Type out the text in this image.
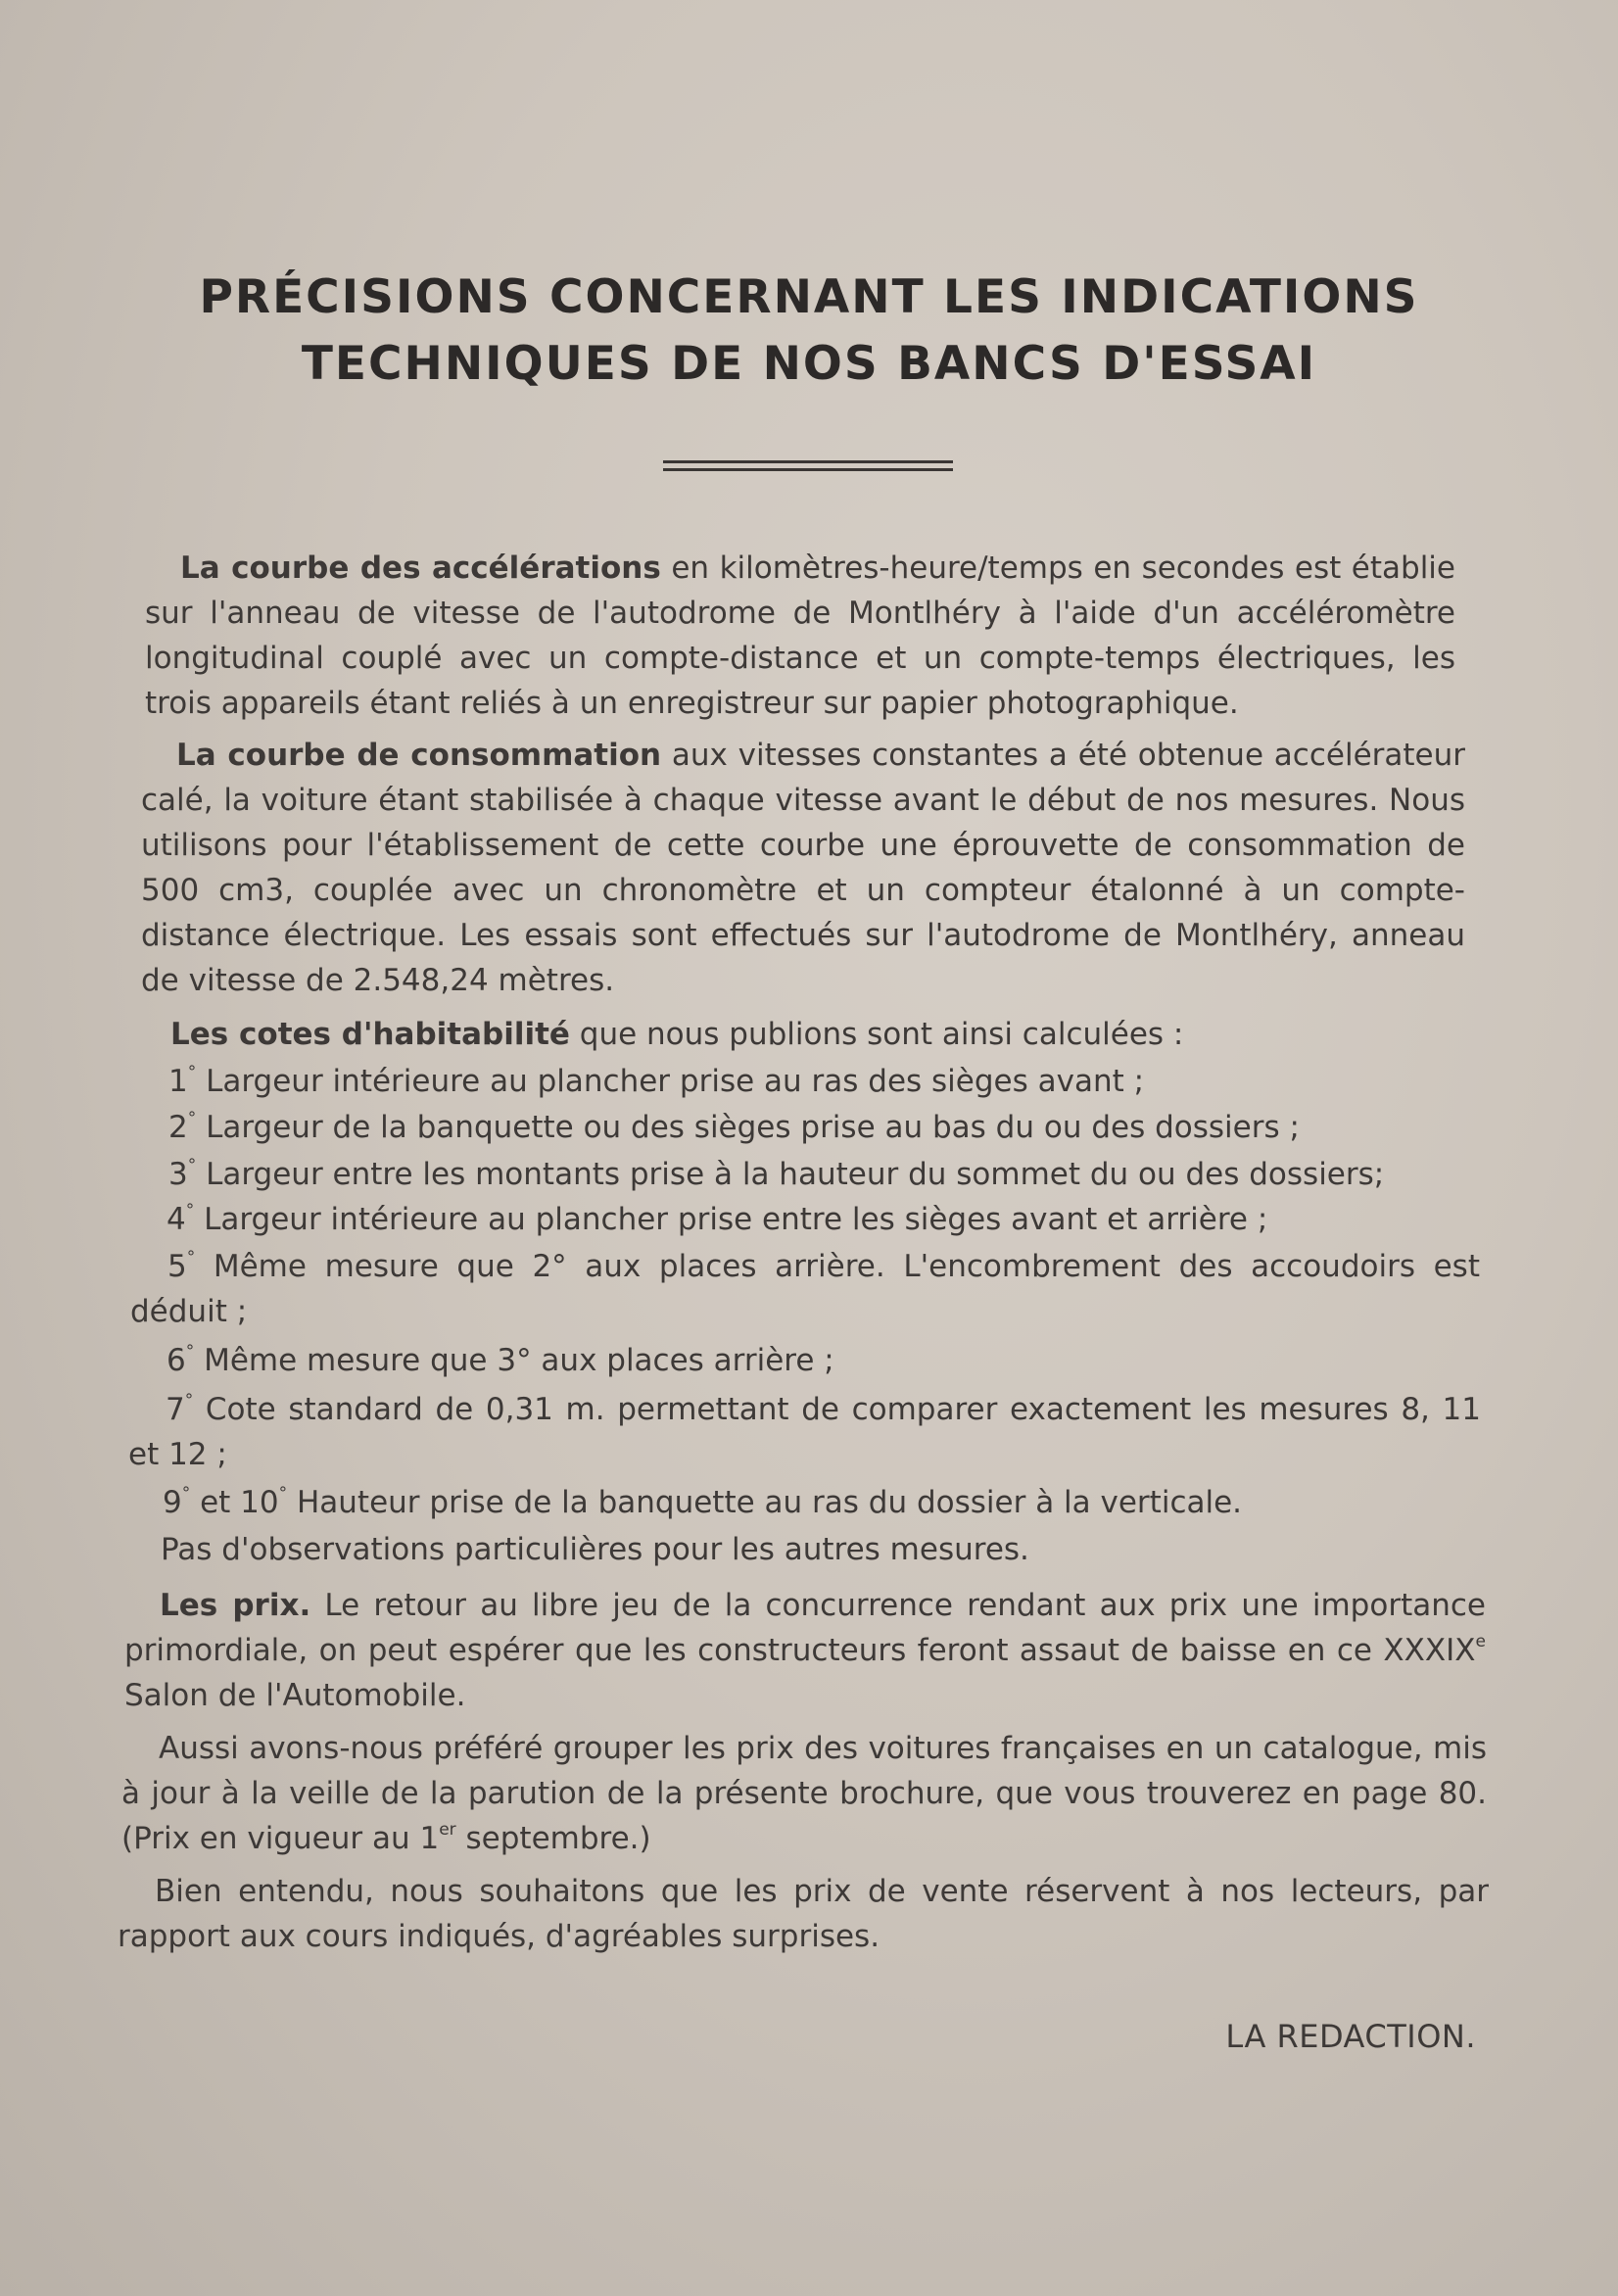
PRÉCISIONS CONCERNANT LES INDICATIONS
TECHNIQUES DE NOS BANCS D'ESSAI
La courbe des accélérations en kilomètres-heure/temps en secondes est établie sur l'anneau de vitesse de l'autodrome de Montlhéry à l'aide d'un accéléromètre longitudinal couplé avec un compte-distance et un compte-temps électriques, les trois appareils étant reliés à un enregistreur sur papier photographique.
La courbe de consommation aux vitesses constantes a été obtenue accélérateur calé, la voiture étant stabilisée à chaque vitesse avant le début de nos mesures. Nous utilisons pour l'établissement de cette courbe une éprouvette de consommation de 500 cm3, couplée avec un chronomètre et un compteur étalonné à un compte-distance électrique. Les essais sont effectués sur l'autodrome de Montlhéry, anneau de vitesse de 2.548,24 mètres.
Les cotes d'habitabilité que nous publions sont ainsi calculées :
1° Largeur intérieure au plancher prise au ras des sièges avant ;
2° Largeur de la banquette ou des sièges prise au bas du ou des dossiers ;
3° Largeur entre les montants prise à la hauteur du sommet du ou des dossiers;
4° Largeur intérieure au plancher prise entre les sièges avant et arrière ;
5° Même mesure que 2° aux places arrière. L'encombrement des accoudoirs est déduit ;
6° Même mesure que 3° aux places arrière ;
7° Cote standard de 0,31 m. permettant de comparer exactement les mesures 8, 11 et 12 ;
9° et 10° Hauteur prise de la banquette au ras du dossier à la verticale.
Pas d'observations particulières pour les autres mesures.
Les prix. Le retour au libre jeu de la concurrence rendant aux prix une importance primordiale, on peut espérer que les constructeurs feront assaut de baisse en ce XXXIXe Salon de l'Automobile.
Aussi avons-nous préféré grouper les prix des voitures françaises en un catalogue, mis à jour à la veille de la parution de la présente brochure, que vous trouverez en page 80. (Prix en vigueur au 1er septembre.)
Bien entendu, nous souhaitons que les prix de vente réservent à nos lecteurs, par rapport aux cours indiqués, d'agréables surprises.
LA REDACTION.
